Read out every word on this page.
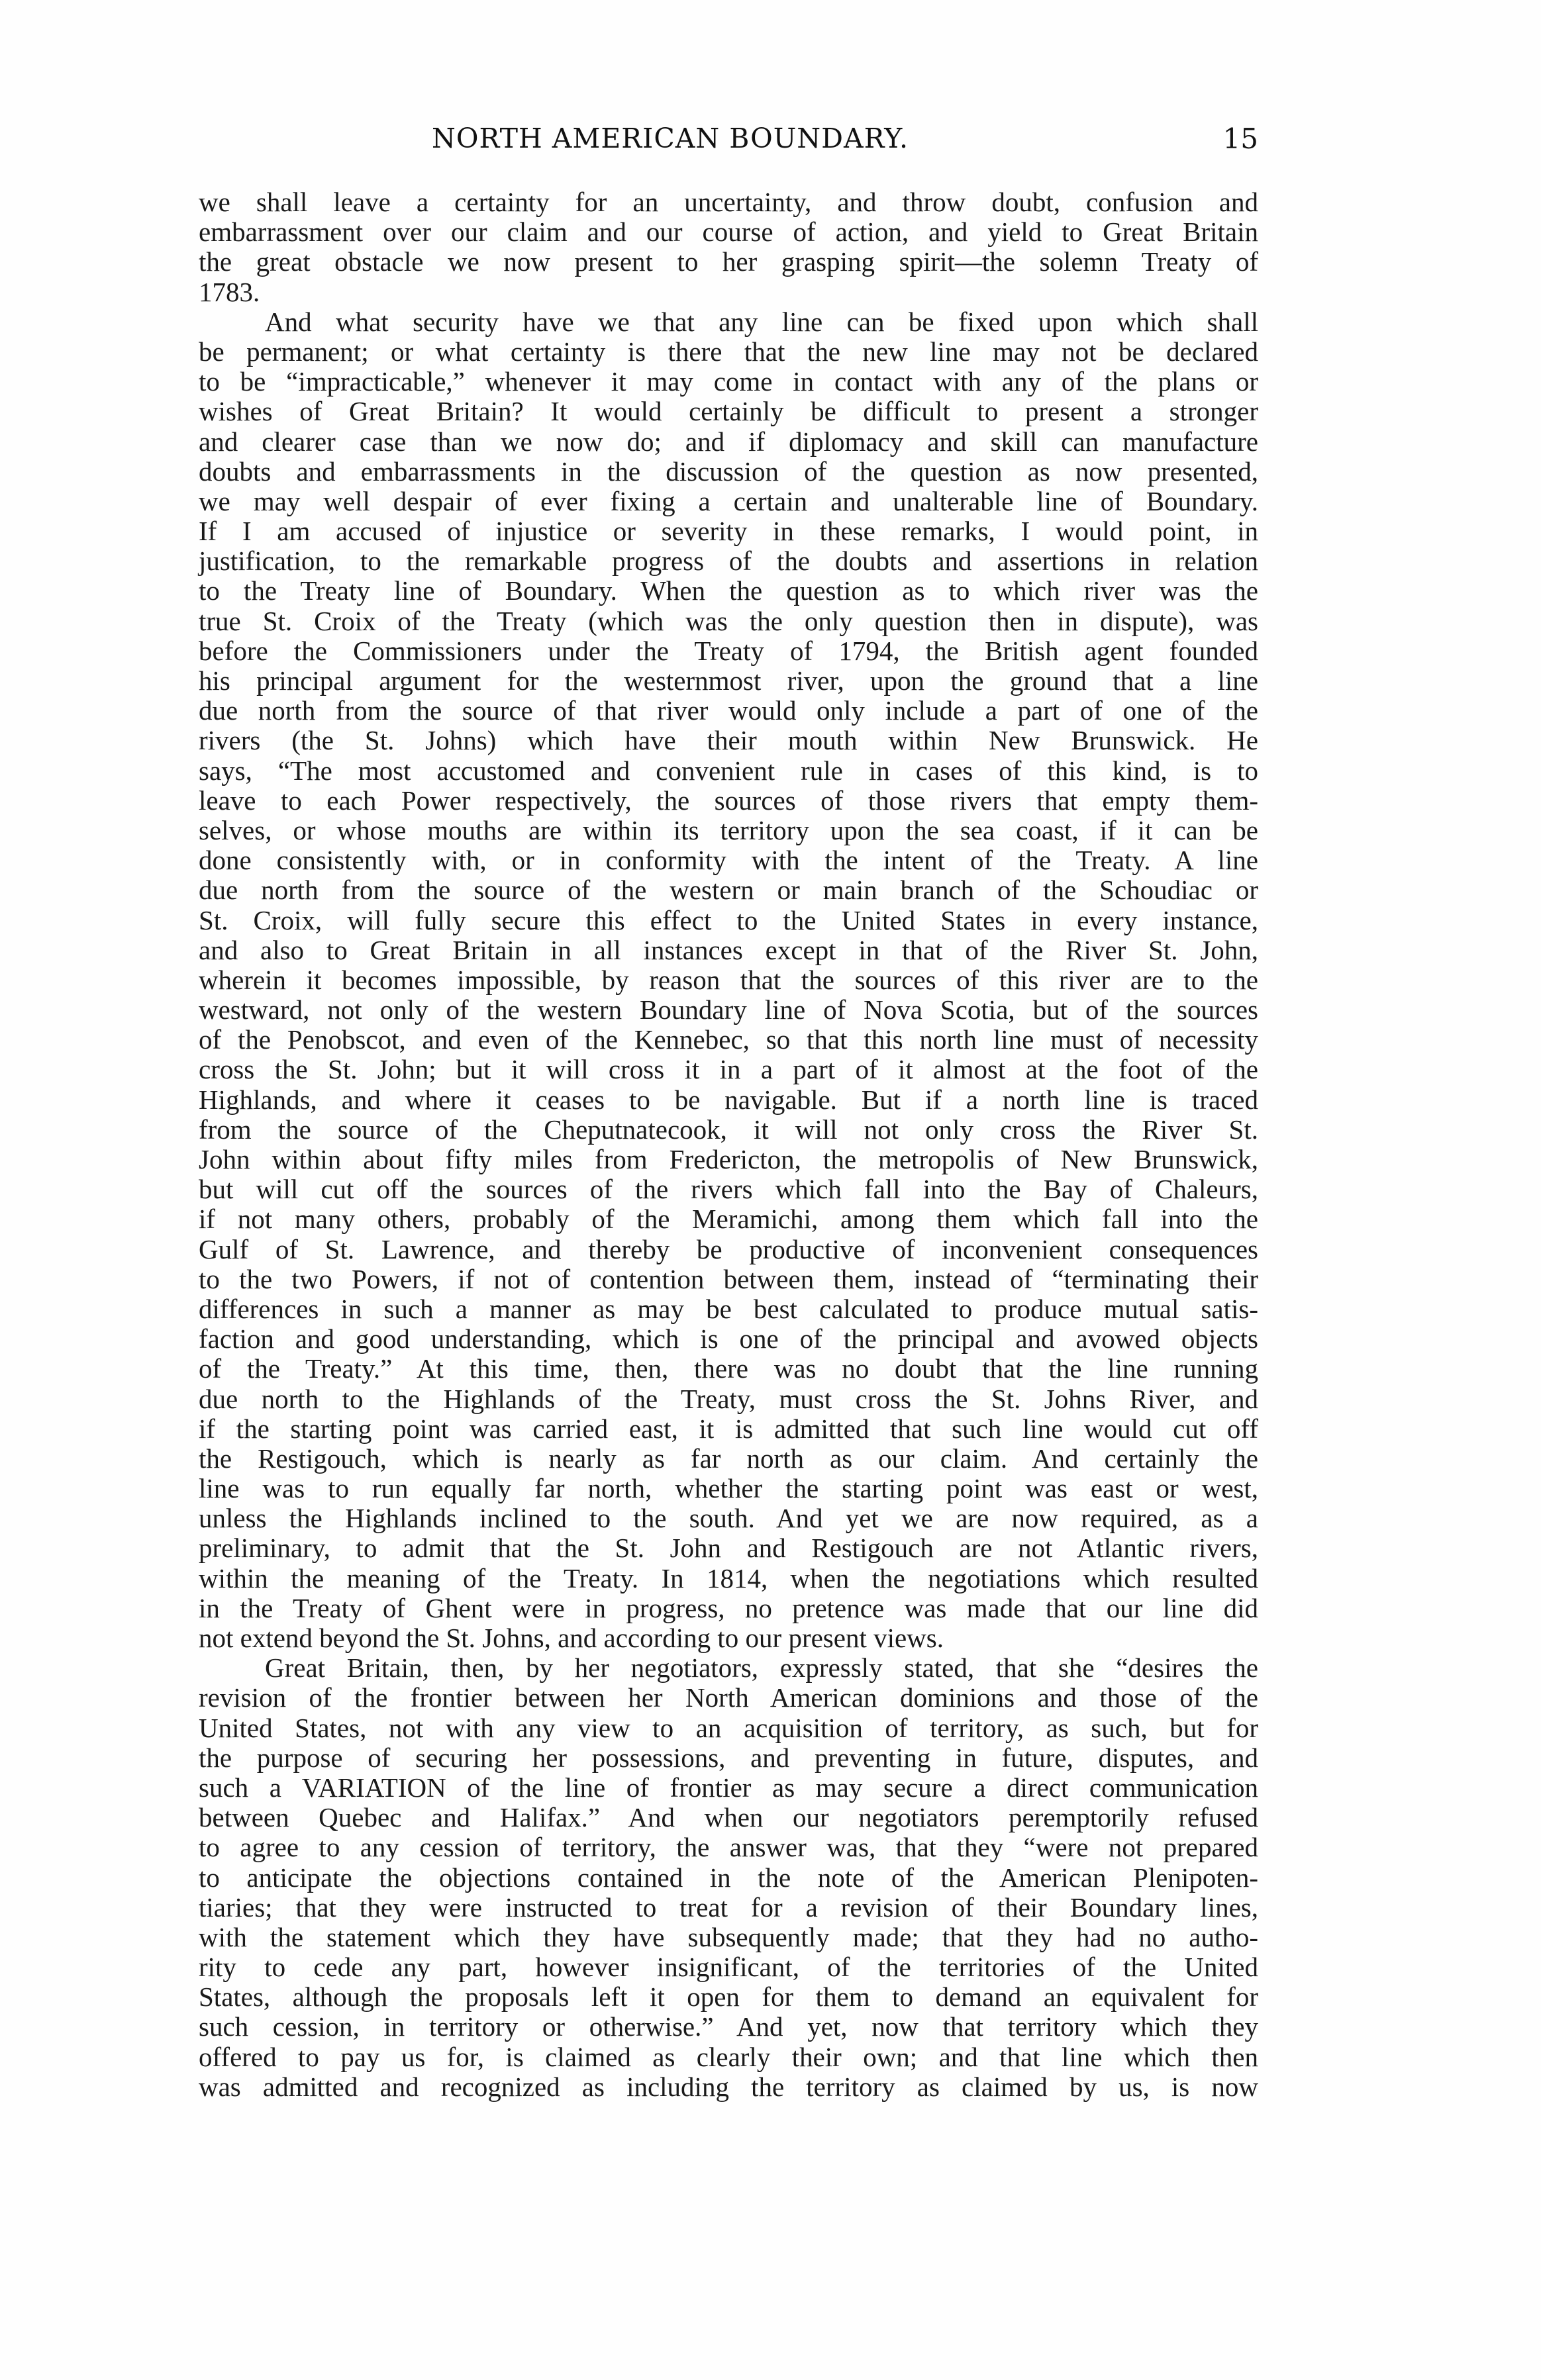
NORTH AMERICAN BOUNDARY.	15
we shall leave a certainty for an uncertainty, and throw doubt, confusion and
embarrassment over our claim and our course of action, and yield to Great Britain
the great obstacle we now present to her grasping spirit—the solemn Treaty of
1783.
And what security have we that any line can be fixed upon which shall
be permanent; or what certainty is there that the new line may not be declared
to be “impracticable,” whenever it may come in contact with any of the plans or
wishes of Great Britain? It would certainly be difficult to present a stronger
and clearer case than we now do; and if diplomacy and skill can manufacture
doubts and embarrassments in the discussion of the question as now presented,
we may well despair of ever fixing a certain and unalterable line of Boundary.
If I am accused of injustice or severity in these remarks, I would point, in
justification, to the remarkable progress of the doubts and assertions in relation
to the Treaty line of Boundary. When the question as to which river was the
true St. Croix of the Treaty (which was the only question then in dispute), was
before the Commissioners under the Treaty of 1794, the British agent founded
his principal argument for the westernmost river, upon the ground that a line
due north from the source of that river would only include a part of one of the
rivers (the St. Johns) which have their mouth within New Brunswick. He
says, “The most accustomed and convenient rule in cases of this kind, is to
leave to each Power respectively, the sources of those rivers that empty them-
selves, or whose mouths are within its territory upon the sea coast, if it can be
done consistently with, or in conformity with the intent of the Treaty. A line
due north from the source of the western or main branch of the Schoudiac or
St. Croix, will fully secure this effect to the United States in every instance,
and also to Great Britain in all instances except in that of the River St. John,
wherein it becomes impossible, by reason that the sources of this river are to the
westward, not only of the western Boundary line of Nova Scotia, but of the sources
of the Penobscot, and even of the Kennebec, so that this north line must of necessity
cross the St. John; but it will cross it in a part of it almost at the foot of the
Highlands, and where it ceases to be navigable. But if a north line is traced
from the source of the Cheputnatecook, it will not only cross the River St.
John within about fifty miles from Fredericton, the metropolis of New Brunswick,
but will cut off the sources of the rivers which fall into the Bay of Chaleurs,
if not many others, probably of the Meramichi, among them which fall into the
Gulf of St. Lawrence, and thereby be productive of inconvenient consequences
to the two Powers, if not of contention between them, instead of “terminating their
differences in such a manner as may be best calculated to produce mutual satis-
faction and good understanding, which is one of the principal and avowed objects
of the Treaty.” At this time, then, there was no doubt that the line running
due north to the Highlands of the Treaty, must cross the St. Johns River, and
if the starting point was carried east, it is admitted that such line would cut off
the Restigouch, which is nearly as far north as our claim. And certainly the
line was to run equally far north, whether the starting point was east or west,
unless the Highlands inclined to the south. And yet we are now required, as a
preliminary, to admit that the St. John and Restigouch are not Atlantic rivers,
within the meaning of the Treaty. In 1814, when the negotiations which resulted
in the Treaty of Ghent were in progress, no pretence was made that our line did
not extend beyond the St. Johns, and according to our present views.
Great Britain, then, by her negotiators, expressly stated, that she “desires the
revision of the frontier between her North American dominions and those of the
United States, not with any view to an acquisition of territory, as such, but for
the purpose of securing her possessions, and preventing in future, disputes, and
such a VARIATION of the line of frontier as may secure a direct communication
between Quebec and Halifax.” And when our negotiators peremptorily refused
to agree to any cession of territory, the answer was, that they “were not prepared
to anticipate the objections contained in the note of the American Plenipoten-
tiaries; that they were instructed to treat for a revision of their Boundary lines,
with the statement which they have subsequently made; that they had no autho-
rity to cede any part, however insignificant, of the territories of the United
States, although the proposals left it open for them to demand an equivalent for
such cession, in territory or otherwise.” And yet, now that territory which they
offered to pay us for, is claimed as clearly their own; and that line which then
was admitted and recognized as including the territory as claimed by us, is now
